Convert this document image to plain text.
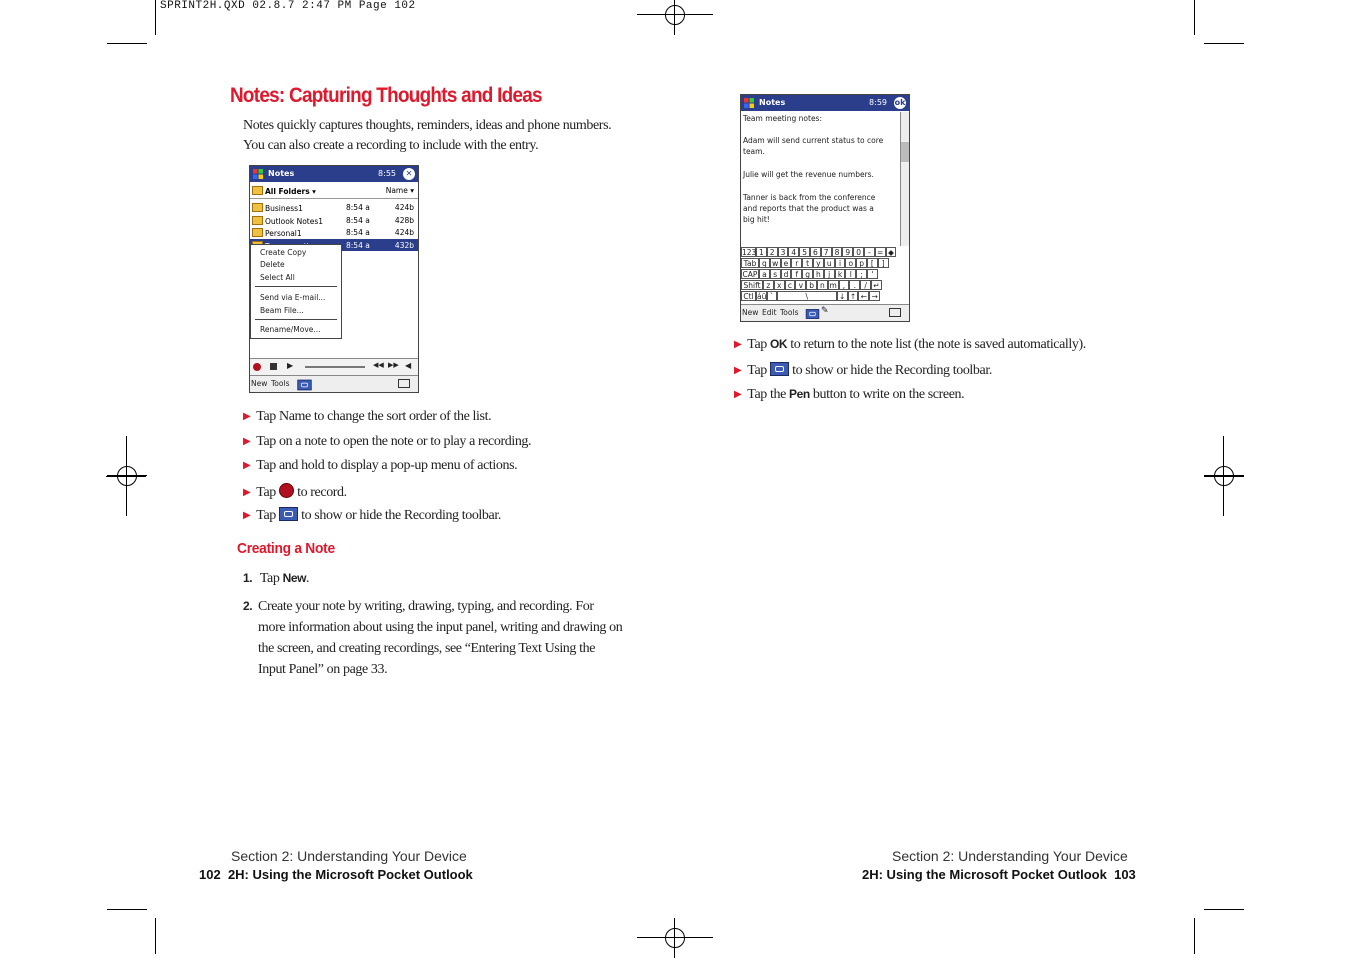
SPRINT2H.QXD 02.8.7 2:47 PM Page 102
Notes: Capturing Thoughts and Ideas
Notes quickly captures thoughts, reminders, ideas and phone numbers. You can also create a recording to include with the entry.
Notes	8:55	✕
All Folders ▾	Name ▾
Business1	8:54 a	424b
Outlook Notes1	8:54 a	428b
Personal1	8:54 a	424b
8:54 a	432b
Create Copy
Delete
Select All
Send via E-mail...
Beam File...
Rename/Move...
▶	◀◀ ▶▶ ◀
New Tools
▶ Tap Name to change the sort order of the list.
▶ Tap on a note to open the note or to play a recording.
▶ Tap and hold to display a pop-up menu of actions.
▶ Tap to record.
▶ Tap to show or hide the Recording toolbar.
Creating a Note
1. Tap New.
2. Create your note by writing, drawing, typing, and recording. For more information about using the input panel, writing and drawing on the screen, and creating recordings, see “Entering Text Using the Input Panel” on page 33.
Section 2: Understanding Your Device
102 2H: Using the Microsoft Pocket Outlook
Notes	8:59 ok
Team meeting notes:
Adam will send current status to core
team.
Julie will get the revenue numbers.
Tanner is back from the conference
and reports that the product was a
big hit!
123 1 2 3 4 5 6 7 8 9 0 - = ◆
Tab q w e r	t y u i o p [	]
CAP a s d f g h j	k	l	;	'
Shift z x c v b n m ,	.	/ ↵
Ctl áü `	\	↓ ↑ ← →
New Edit Tools	✎
▶ Tap OK to return to the note list (the note is saved automatically).
▶ Tap to show or hide the Recording toolbar.
▶ Tap the Pen button to write on the screen.
Section 2: Understanding Your Device
2H: Using the Microsoft Pocket Outlook 103
